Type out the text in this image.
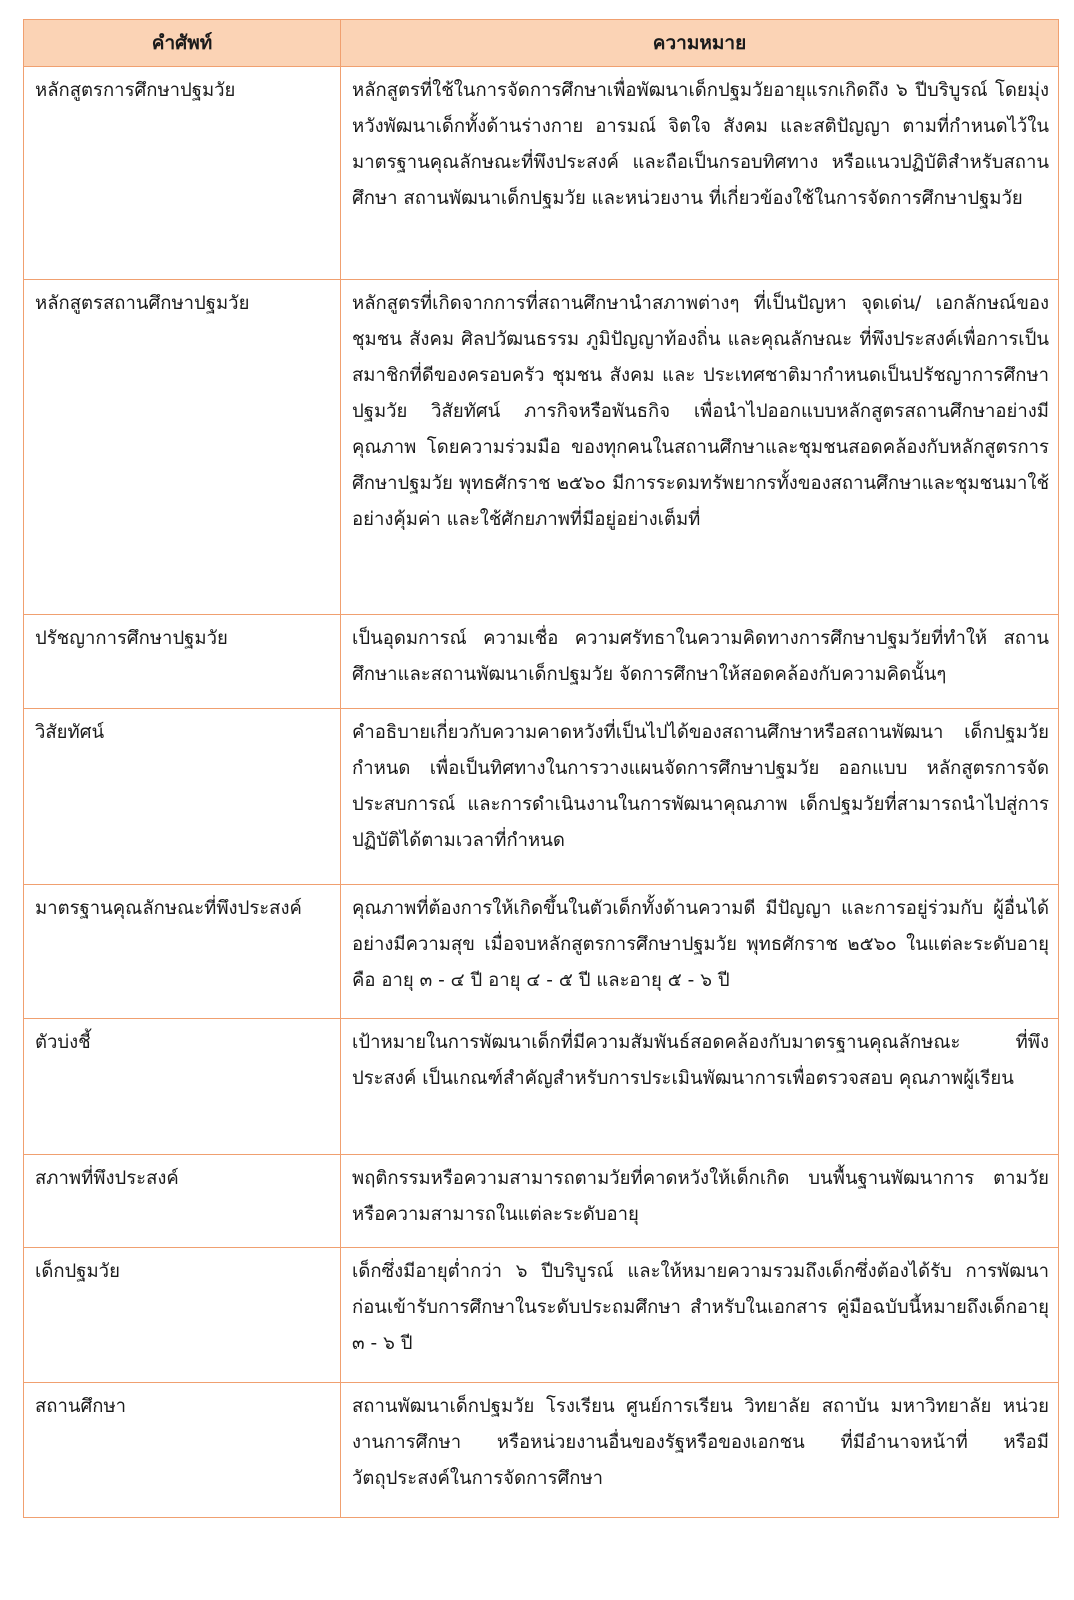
คำศัพท์	ความหมาย
หลักสูตรการศึกษาปฐมวัย	หลักสูตรที่ใช้ในการจัดการศึกษาเพื่อพัฒนาเด็กปฐมวัยอายุแรกเกิดถึง ๖ ปีบริบูรณ์ โดยมุ่งหวังพัฒนาเด็กทั้งด้านร่างกาย อารมณ์ จิตใจ สังคม และสติปัญญา ตามที่กำหนดไว้ในมาตรฐานคุณลักษณะที่พึงประสงค์ และถือเป็นกรอบทิศทาง หรือแนวปฏิบัติสำหรับสถานศึกษา สถานพัฒนาเด็กปฐมวัย และหน่วยงาน ที่เกี่ยวข้องใช้ในการจัดการศึกษาปฐมวัย
หลักสูตรสถานศึกษาปฐมวัย	หลักสูตรที่เกิดจากการที่สถานศึกษานำสภาพต่างๆ ที่เป็นปัญหา จุดเด่น/ เอกลักษณ์ของชุมชน สังคม ศิลปวัฒนธรรม ภูมิปัญญาท้องถิ่น และคุณลักษณะ ที่พึงประสงค์เพื่อการเป็นสมาชิกที่ดีของครอบครัว ชุมชน สังคม และ ประเทศชาติมากำหนดเป็นปรัชญาการศึกษาปฐมวัย วิสัยทัศน์ ภารกิจหรือพันธกิจ เพื่อนำไปออกแบบหลักสูตรสถานศึกษาอย่างมีคุณภาพ โดยความร่วมมือ ของทุกคนในสถานศึกษาและชุมชนสอดคล้องกับหลักสูตรการศึกษาปฐมวัย พุทธศักราช ๒๕๖๐ มีการระดมทรัพยากรทั้งของสถานศึกษาและชุมชนมาใช้ อย่างคุ้มค่า และใช้ศักยภาพที่มีอยู่อย่างเต็มที่
ปรัชญาการศึกษาปฐมวัย	เป็นอุดมการณ์ ความเชื่อ ความศรัทธาในความคิดทางการศึกษาปฐมวัยที่ทำให้ สถานศึกษาและสถานพัฒนาเด็กปฐมวัย จัดการศึกษาให้สอดคล้องกับความคิดนั้นๆ
วิสัยทัศน์	คำอธิบายเกี่ยวกับความคาดหวังที่เป็นไปได้ของสถานศึกษาหรือสถานพัฒนา เด็กปฐมวัยกำหนด เพื่อเป็นทิศทางในการวางแผนจัดการศึกษาปฐมวัย ออกแบบ หลักสูตรการจัดประสบการณ์ และการดำเนินงานในการพัฒนาคุณภาพ เด็กปฐมวัยที่สามารถนำไปสู่การปฏิบัติได้ตามเวลาที่กำหนด
มาตรฐานคุณลักษณะที่พึงประสงค์	คุณภาพที่ต้องการให้เกิดขึ้นในตัวเด็กทั้งด้านความดี มีปัญญา และการอยู่ร่วมกับ ผู้อื่นได้อย่างมีความสุข เมื่อจบหลักสูตรการศึกษาปฐมวัย พุทธศักราช ๒๕๖๐ ในแต่ละระดับอายุ คือ อายุ ๓ - ๔ ปี อายุ ๔ - ๕ ปี และอายุ ๕ - ๖ ปี
ตัวบ่งชี้	เป้าหมายในการพัฒนาเด็กที่มีความสัมพันธ์สอดคล้องกับมาตรฐานคุณลักษณะ ที่พึงประสงค์ เป็นเกณฑ์สำคัญสำหรับการประเมินพัฒนาการเพื่อตรวจสอบ คุณภาพผู้เรียน
สภาพที่พึงประสงค์	พฤติกรรมหรือความสามารถตามวัยที่คาดหวังให้เด็กเกิด บนพื้นฐานพัฒนาการ ตามวัยหรือความสามารถในแต่ละระดับอายุ
เด็กปฐมวัย	เด็กซึ่งมีอายุต่ำกว่า ๖ ปีบริบูรณ์ และให้หมายความรวมถึงเด็กซึ่งต้องได้รับ การพัฒนาก่อนเข้ารับการศึกษาในระดับประถมศึกษา สำหรับในเอกสาร คู่มือฉบับนี้หมายถึงเด็กอายุ ๓ - ๖ ปี
สถานศึกษา	สถานพัฒนาเด็กปฐมวัย โรงเรียน ศูนย์การเรียน วิทยาลัย สถาบัน มหาวิทยาลัย หน่วยงานการศึกษา หรือหน่วยงานอื่นของรัฐหรือของเอกชน ที่มีอำนาจหน้าที่ หรือมีวัตถุประสงค์ในการจัดการศึกษา
